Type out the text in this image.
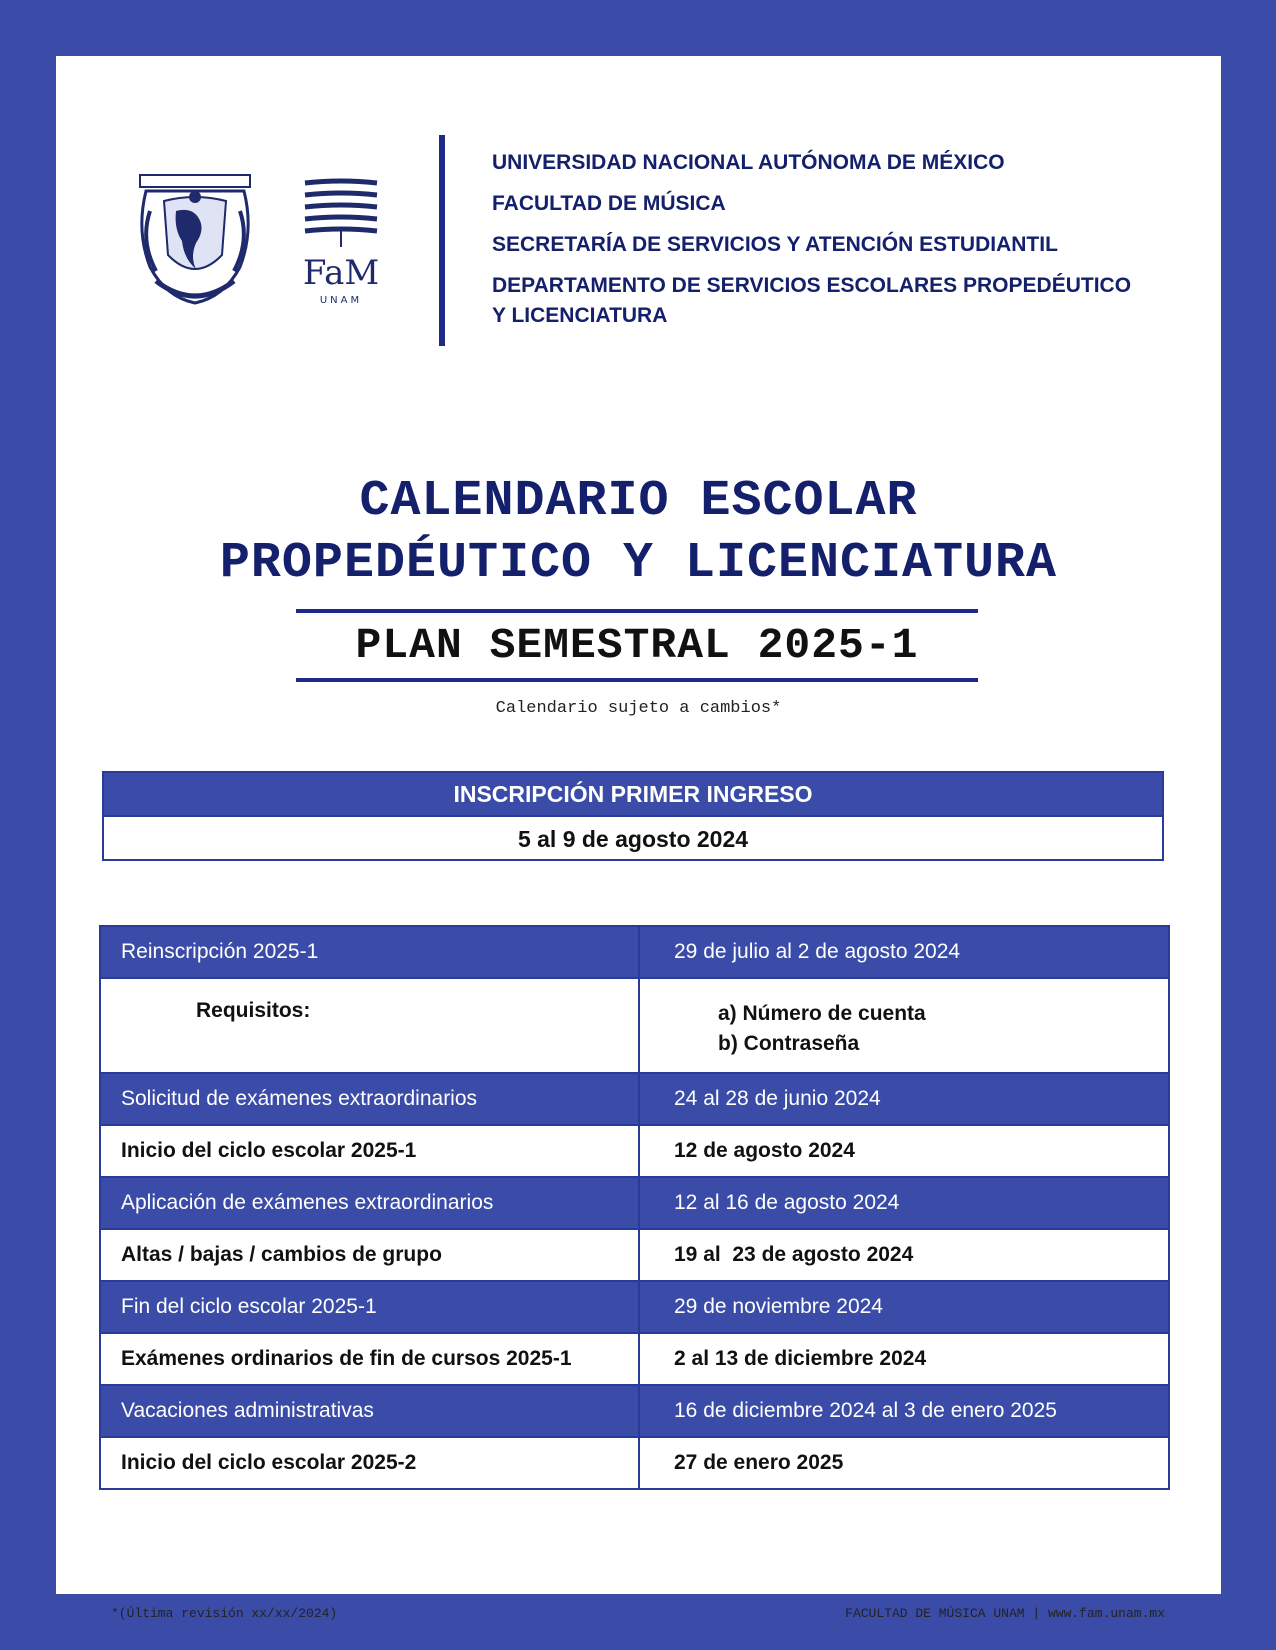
FaM
UNAM
UNIVERSIDAD NACIONAL AUTÓNOMA DE MÉXICO
FACULTAD DE MÚSICA
SECRETARÍA DE SERVICIOS Y ATENCIÓN ESTUDIANTIL
DEPARTAMENTO DE SERVICIOS ESCOLARES PROPEDÉUTICO
Y LICENCIATURA
CALENDARIO ESCOLAR
PROPEDÉUTICO Y LICENCIATURA
PLAN SEMESTRAL 2025-1
Calendario sujeto a cambios*
INSCRIPCIÓN PRIMER INGRESO
5 al 9 de agosto 2024
Reinscripción 2025-1	29 de julio al 2 de agosto 2024
Requisitos:	a) Número de cuenta
b) Contraseña
Solicitud de exámenes extraordinarios	24 al 28 de junio 2024
Inicio del ciclo escolar 2025-1	12 de agosto 2024
Aplicación de exámenes extraordinarios	12 al 16 de agosto 2024
Altas / bajas / cambios de grupo	19 al  23 de agosto 2024
Fin del ciclo escolar 2025-1	29 de noviembre 2024
Exámenes ordinarios de fin de cursos 2025-1	2 al 13 de diciembre 2024
Vacaciones administrativas	16 de diciembre 2024 al 3 de enero 2025
Inicio del ciclo escolar 2025-2	27 de enero 2025
*(Última revisión xx/xx/2024)	FACULTAD DE MÚSICA UNAM | www.fam.unam.mx
